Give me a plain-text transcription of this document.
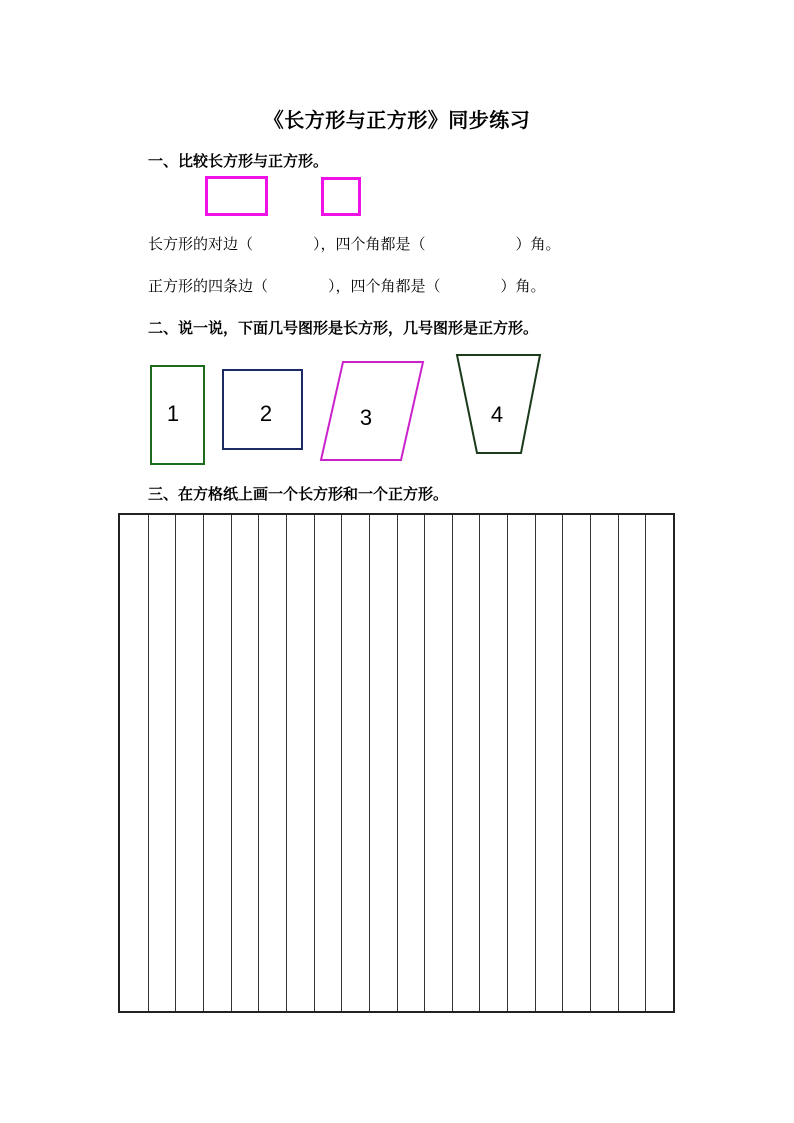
《长方形与正方形》同步练习
一、比较长方形与正方形。
长方形的对边（　　　　），四个角都是（　　　　　　）角。
正方形的四条边（　　　　），四个角都是（　　　　）角。
二、说一说，下面几号图形是长方形，几号图形是正方形。
1	2	3	4
三、在方格纸上画一个长方形和一个正方形。
